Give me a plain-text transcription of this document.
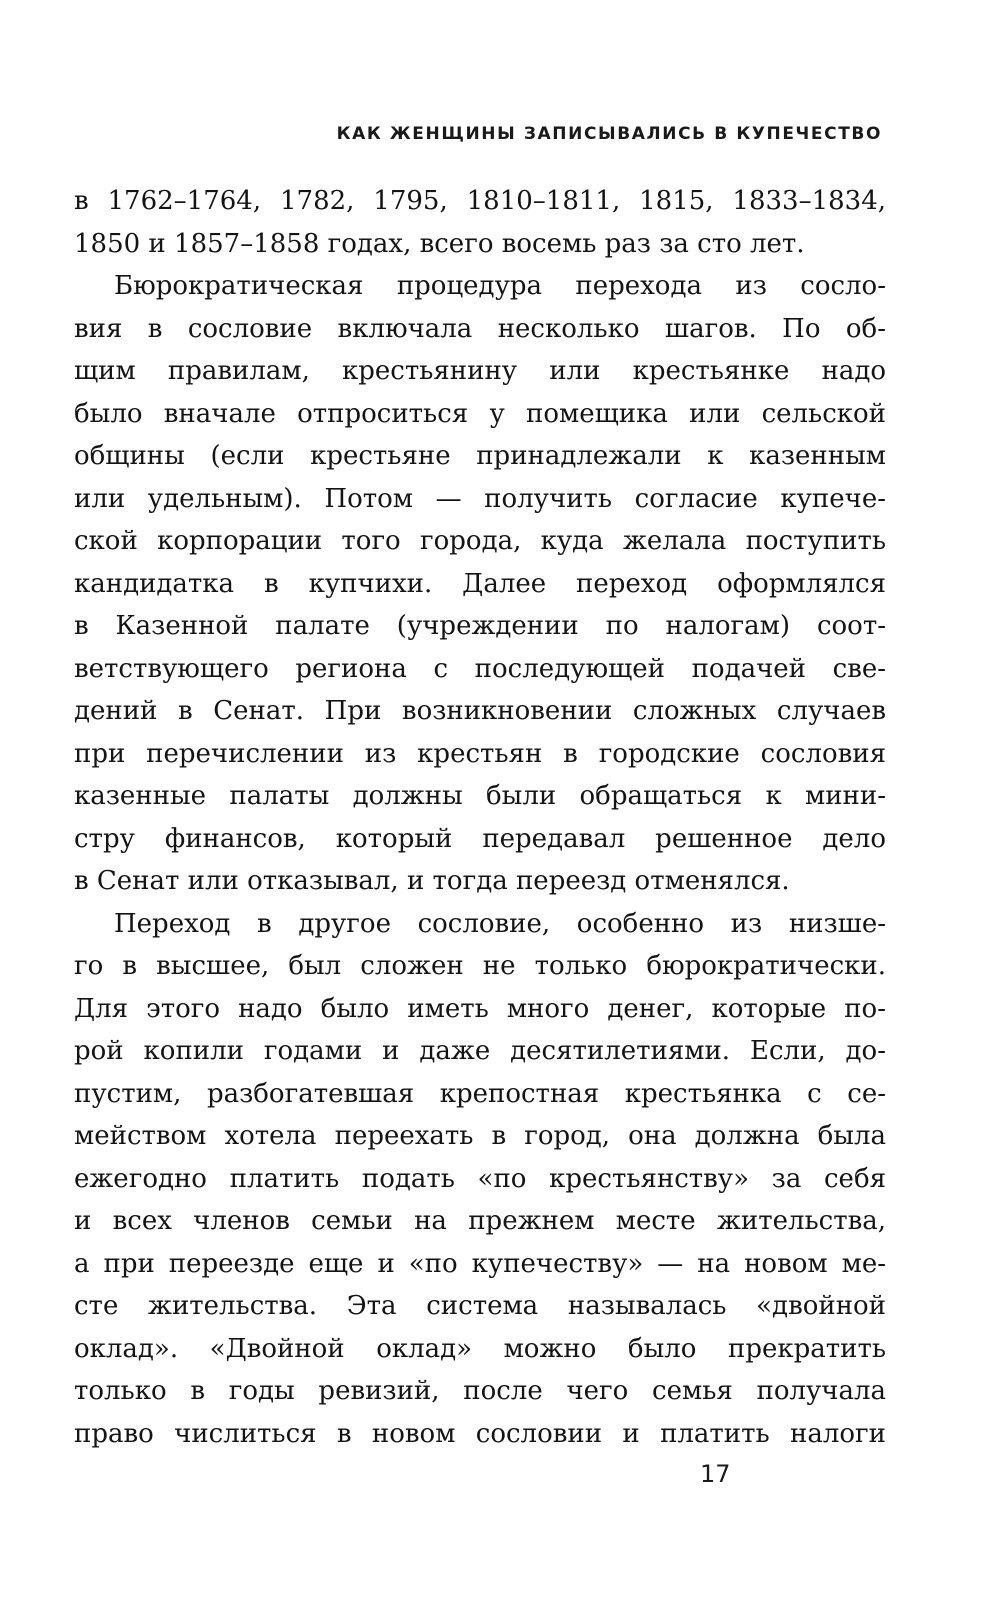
КАК ЖЕНЩИНЫ ЗАПИСЫВАЛИСЬ В КУПЕЧЕСТВО
в 1762–1764, 1782, 1795, 1810–1811, 1815, 1833–1834,
1850 и 1857–1858 годах, всего восемь раз за сто лет.
Бюрократическая процедура перехода из сосло-
вия в сословие включала несколько шагов. По об-
щим правилам, крестьянину или крестьянке надо
было вначале отпроситься у помещика или сельской
общины (если крестьяне принадлежали к казенным
или удельным). Потом — получить согласие купече-
ской корпорации того города, куда желала поступить
кандидатка в купчихи. Далее переход оформлялся
в Казенной палате (учреждении по налогам) соот-
ветствующего региона с последующей подачей све-
дений в Сенат. При возникновении сложных случаев
при перечислении из крестьян в городские сословия
казенные палаты должны были обращаться к мини-
стру финансов, который передавал решенное дело
в Сенат или отказывал, и тогда переезд отменялся.
Переход в другое сословие, особенно из низше-
го в высшее, был сложен не только бюрократически.
Для этого надо было иметь много денег, которые по-
рой копили годами и даже десятилетиями. Если, до-
пустим, разбогатевшая крепостная крестьянка с се-
мейством хотела переехать в город, она должна была
ежегодно платить подать «по крестьянству» за себя
и всех членов семьи на прежнем месте жительства,
а при переезде еще и «по купечеству» — на новом ме-
сте жительства. Эта система называлась «двойной
оклад». «Двойной оклад» можно было прекратить
только в годы ревизий, после чего семья получала
право числиться в новом сословии и платить налоги
17
